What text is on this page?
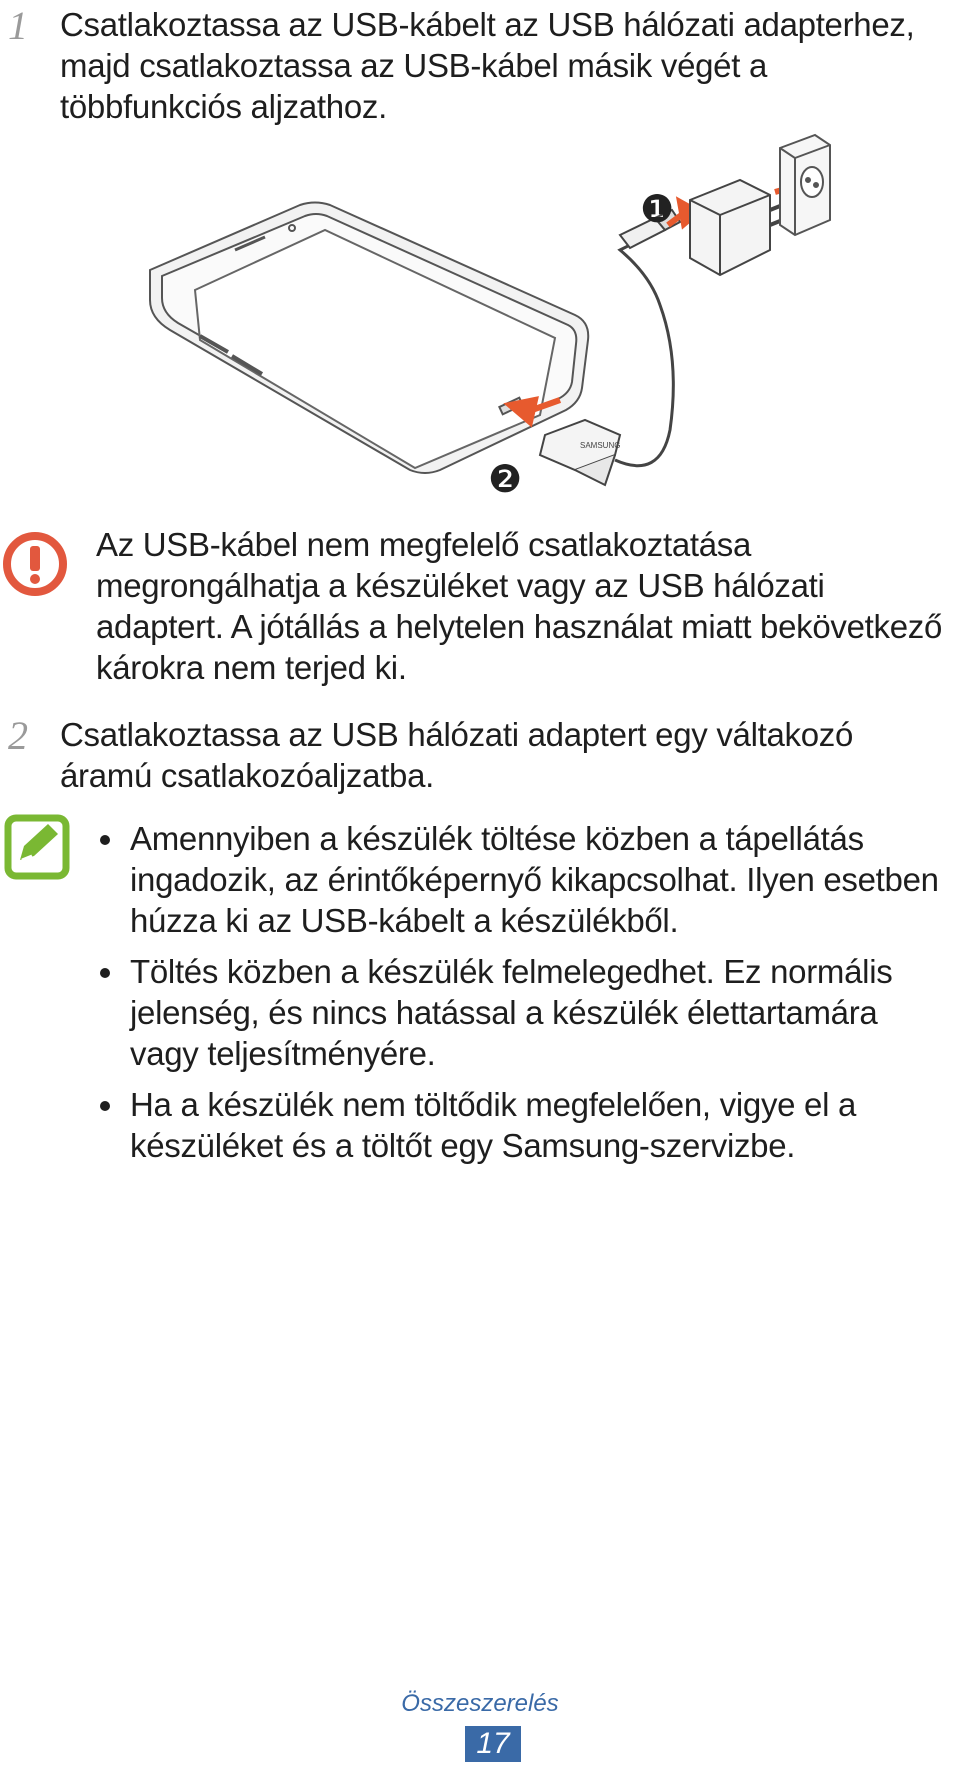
1 Csatlakoztassa az USB-kábelt az USB hálózati adapterhez, majd csatlakoztassa az USB-kábel másik végét a többfunkciós aljzathoz.
SAMSUNG
❶
❷
Az USB-kábel nem megfelelő csatlakoztatása megrongálhatja a készüléket vagy az USB hálózati adaptert. A jótállás a helytelen használat miatt bekövetkező károkra nem terjed ki.
2 Csatlakoztassa az USB hálózati adaptert egy váltakozó áramú csatlakozóaljzatba.
Amennyiben a készülék töltése közben a tápellátás ingadozik, az érintőképernyő kikapcsolhat. Ilyen esetben húzza ki az USB-kábelt a készülékből.
Töltés közben a készülék felmelegedhet. Ez normális jelenség, és nincs hatással a készülék élettartamára vagy teljesítményére.
Ha a készülék nem töltődik megfelelően, vigye el a készüléket és a töltőt egy Samsung-szervizbe.
Összeszerelés
17
